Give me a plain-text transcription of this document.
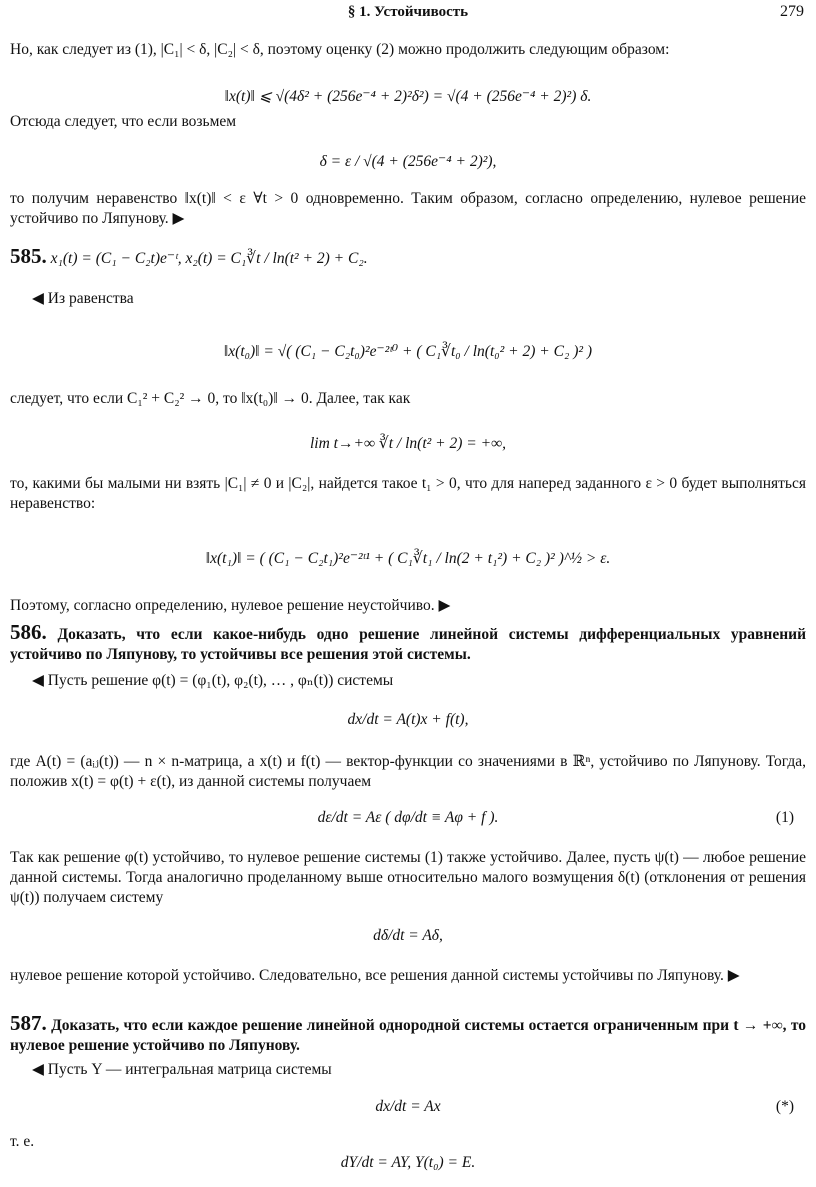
§ 1. Устойчивость	279
Но, как следует из (1), |C₁| < δ, |C₂| < δ, поэтому оценку (2) можно продолжить следующим образом:
‖x(t)‖ ⩽ √(4δ² + (256e⁻⁴ + 2)²δ²) = √(4 + (256e⁻⁴ + 2)²) δ.
Отсюда следует, что если возьмем
δ = ε / √(4 + (256e⁻⁴ + 2)²),
то получим неравенство ‖x(t)‖ < ε ∀t > 0 одновременно. Таким образом, согласно определению, нулевое решение устойчиво по Ляпунову. ▶
585. x₁(t) = (C₁ − C₂t)e⁻ᵗ, x₂(t) = C₁∛t / ln(t² + 2) + C₂.
◀ Из равенства
‖x(t₀)‖ = √( (C₁ − C₂t₀)²e⁻²ᵗ⁰ + ( C₁∛t₀ / ln(t₀² + 2) + C₂ )² )
следует, что если C₁² + C₂² → 0, то ‖x(t₀)‖ → 0. Далее, так как
lim t→+∞ ∛t / ln(t² + 2) = +∞,
то, какими бы малыми ни взять |C₁| ≠ 0 и |C₂|, найдется такое t₁ > 0, что для наперед заданного ε > 0 будет выполняться неравенство:
‖x(t₁)‖ = ( (C₁ − C₂t₁)²e⁻²ᵗ¹ + ( C₁∛t₁ / ln(2 + t₁²) + C₂ )² )^½ > ε.
Поэтому, согласно определению, нулевое решение неустойчиво. ▶
586. Доказать, что если какое-нибудь одно решение линейной системы дифференциальных уравнений устойчиво по Ляпунову, то устойчивы все решения этой системы.
◀ Пусть решение φ(t) = (φ₁(t), φ₂(t), … , φₙ(t)) системы
dx/dt = A(t)x + f(t),
где A(t) = (aᵢⱼ(t)) — n × n-матрица, a x(t) и f(t) — вектор-функции со значениями в ℝⁿ, устойчиво по Ляпунову. Тогда, положив x(t) = φ(t) + ε(t), из данной системы получаем
dε/dt = Aε ( dφ/dt ≡ Aφ + f ).	(1)
Так как решение φ(t) устойчиво, то нулевое решение системы (1) также устойчиво. Далее, пусть ψ(t) — любое решение данной системы. Тогда аналогично проделанному выше относительно малого возмущения δ(t) (отклонения от решения ψ(t)) получаем систему
dδ/dt = Aδ,
нулевое решение которой устойчиво. Следовательно, все решения данной системы устойчивы по Ляпунову. ▶
587. Доказать, что если каждое решение линейной однородной системы остается ограниченным при t → +∞, то нулевое решение устойчиво по Ляпунову.
◀ Пусть Y — интегральная матрица системы
dx/dt = Ax	(*)
т. е.
dY/dt = AY, Y(t₀) = E.
